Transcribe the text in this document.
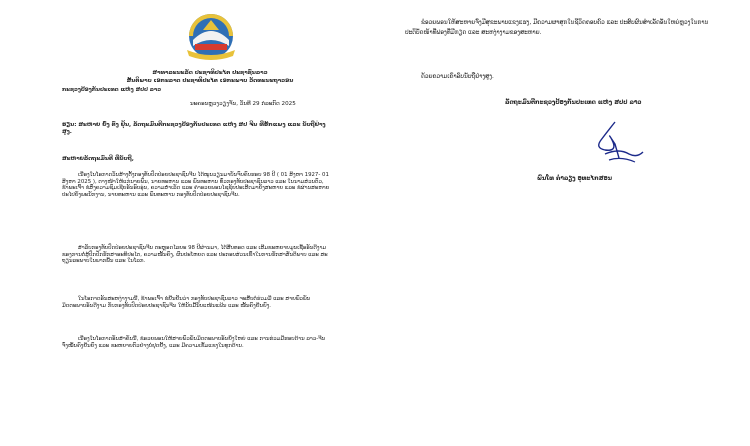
ສາທາລະນະລັດ ປະຊາທິປະໄຕ ປະຊາຊົນລາວ
ສັນຕິພາບ ເອກະລາດ ປະຊາທິປະໄຕ ເອກະພາບ ວັດທະນະຖາວອນ
ກະຊວງປ້ອງກັນປະເທດ ແຫ່ງ ສປປ ລາວ
ນະຄອນຫຼວງວຽງຈັນ, ວັນທີ 29 ກໍລະກົດ 2025
ຮຽນ: ສະຫາຍ ຍົ່ງ ຕົງ ຢຸ້ນ, ລັດຖະມົນຕີກະຊວງປ້ອງກັນປະເທດ ແຫ່ງ ສປ ຈີນ ທີ່ຮັກແພງ ແລະ ນັບຖືຢ່າງສູງ.
ສະຫາຍລັດຖະມົນຕີ ທີ່ນັບຖື,
ເນື່ອງໃນໂອກາດວັນສ້າງຕັ້ງກອງທັບປົດປ່ອຍປະຊາຊົນຈີນ ໄດ້ໝູນວຽນມາບັນຈົບຄົບຮອບ 98 ປີ ( 01 ສິງຫາ 1927- 01 ສິງຫາ 2025 ), ຕາງໜ້າໃຫ້ແກ່ນາຍພົນ, ນາຍທະຫານ ແລະ ພົນທະຫານ ທົ່ວກອງທັບປະຊາຊົນລາວ ແລະ ໃນນາມສ່ວນຕົວ, ຂ້າພະເຈົ້າ ຂໍສົ່ງຄວາມຊົມເຊີຍອັນອົບອຸ່ນ, ຄວາມສຳເລັດ ແລະ ຄຳອວຍພອນໄຊຊັຍປະເສີດມາຍັງສະຫາຍ ແລະ ຂໍຜ່ານສະຫາຍປະໄປຍັງພະນັກງານ, ນາຍທະຫານ ແລະ ພົນທະຫານ ກອງທັບປົດປ່ອຍປະຊາຊົນຈີນ.
ສຳລັບກອງທັບປົດປ່ອຍປະຊາຊົນຈີນ ຕະຫຼອດໄລຍະ 98 ປີຜ່ານມາ, ໄດ້ສືບທອດ ແລະ ເສີມຂະຫຍາຍມູນເຊື້ອອັນດີງາມ ຂອງການຕໍ່ສູ້ປົກປັກຮັກສາອະທິປະໄຕ, ຄວາມໝັ້ນຄົງ, ຜົນປະໂຫຍດ ແລະ ປະກອບສ່ວນເຂົ້າໃນການຮັກສາສັນຕິພາບ ແລະ ສະຖຽນລະພາບໃນພາກພື້ນ ແລະ ໃນໂລກ.
ໃນໂອກາດອັນສະຫງ່າງາມນີ້, ຂ້າພະເຈົ້າ ຂໍຢືນຢັນວ່າ ກອງທັບປະຊາຊົນລາວ ຈະສືບຕໍ່ຮ່ວມມື ແລະ ສາຍພົວພັນມິດຕະພາບອັນດີງາມ ກັບກອງທັບປົດປ່ອຍປະຊາຊົນຈີນ ໃຫ້ນັບມື້ນັບແໜ້ນແຟ້ນ ແລະ ໝັ້ນຄົງຍືນຍົງ.
ເນື່ອງໃນໂອກາດອັນສຳຄັນນີ້, ຂໍອວຍພອນໃຫ້ສາຍພົວພັນມິດຕະພາບອັນຍິ່ງໃຫຍ່ ແລະ ການຮ່ວມມືຮອບດ້ານ ລາວ-ຈີນ ຈົ່ງໝັ້ນຄົງຍືນຍົງ ແລະ ຂະຫຍາຍຕົວຢ່າງບໍ່ຢຸດຢັ້ງ, ແລະ ມີຄວາມເຂັ້ມແຂງໃນທຸກດ້ານ.
ຂໍອວຍພອນໃຫ້ສະຫາຍຈົ່ງມີສຸຂະພາບແຂງແຮງ, ມີຄວາມຜາສຸກໃນຊີວິດຄອບຄົວ ແລະ ປະສົບຜົນສຳເລັດອັນໃຫຍ່ຫຼວງໃນການປະຕິບັດໜ້າທີ່ຟອງທີ່ມີກຽດ ແລະ ສະຫງ່າງາມຂອງສະຫາຍ.
ດ້ວຍຄວາມເຄົາລົບນັບຖືຢ່າງສູງ.
ລັດຖະມົນຕີກະຊວງປ້ອງກັນປະເທດ ແຫ່ງ ສປປ ລາວ
ພົນໂທ ຄຳລຽງ ອຸທະໄກສອນ
